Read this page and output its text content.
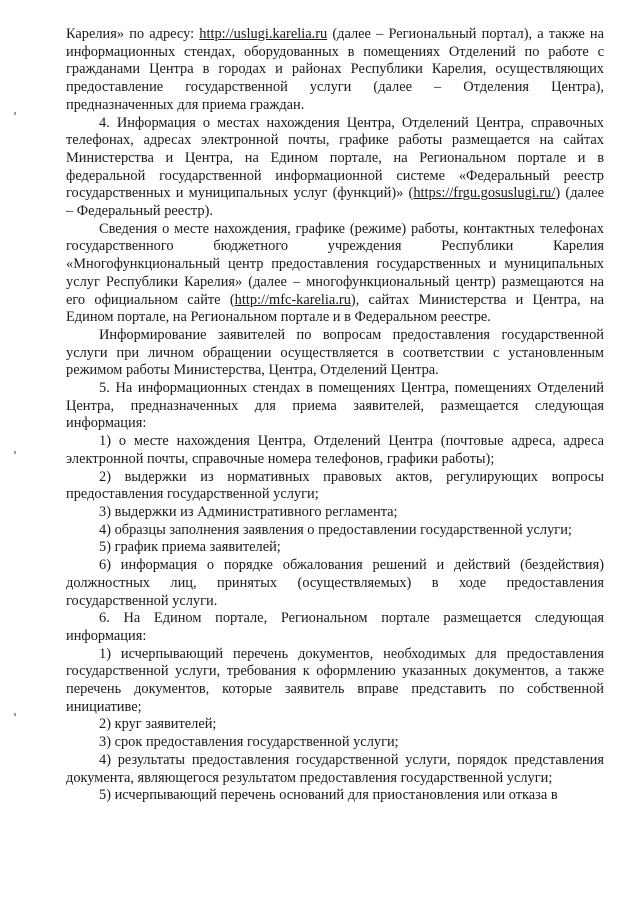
Карелия» по адресу: http://uslugi.karelia.ru (далее – Региональный портал), а также на информационных стендах, оборудованных в помещениях Отделений по работе с гражданами Центра в городах и районах Республики Карелия, осуществляющих предоставление государственной услуги (далее – Отделения Центра), предназначенных для приема граждан.

4. Информация о местах нахождения Центра, Отделений Центра, справочных телефонах, адресах электронной почты, графике работы размещается на сайтах Министерства и Центра, на Едином портале, на Региональном портале и в федеральной государственной информационной системе «Федеральный реестр государственных и муниципальных услуг (функций)» (https://frgu.gosuslugi.ru/) (далее – Федеральный реестр).

Сведения о месте нахождения, графике (режиме) работы, контактных телефонах государственного бюджетного учреждения Республики Карелия «Многофункциональный центр предоставления государственных и муниципальных услуг Республики Карелия» (далее – многофункциональный центр) размещаются на его официальном сайте (http://mfc-karelia.ru), сайтах Министерства и Центра, на Едином портале, на Региональном портале и в Федеральном реестре.

Информирование заявителей по вопросам предоставления государственной услуги при личном обращении осуществляется в соответствии с установленным режимом работы Министерства, Центра, Отделений Центра.

5. На информационных стендах в помещениях Центра, помещениях Отделений Центра, предназначенных для приема заявителей, размещается следующая информация:

1) о месте нахождения Центра, Отделений Центра (почтовые адреса, адреса электронной почты, справочные номера телефонов, графики работы);

2) выдержки из нормативных правовых актов, регулирующих вопросы предоставления государственной услуги;

3) выдержки из Административного регламента;

4) образцы заполнения заявления о предоставлении государственной услуги;

5) график приема заявителей;

6) информация о порядке обжалования решений и действий (бездействия) должностных лиц, принятых (осуществляемых) в ходе предоставления государственной услуги.

6. На Едином портале, Региональном портале размещается следующая информация:

1) исчерпывающий перечень документов, необходимых для предоставления государственной услуги, требования к оформлению указанных документов, а также перечень документов, которые заявитель вправе представить по собственной инициативе;

2) круг заявителей;

3) срок предоставления государственной услуги;

4) результаты предоставления государственной услуги, порядок представления документа, являющегося результатом предоставления государственной услуги;

5) исчерпывающий перечень оснований для приостановления или отказа в
